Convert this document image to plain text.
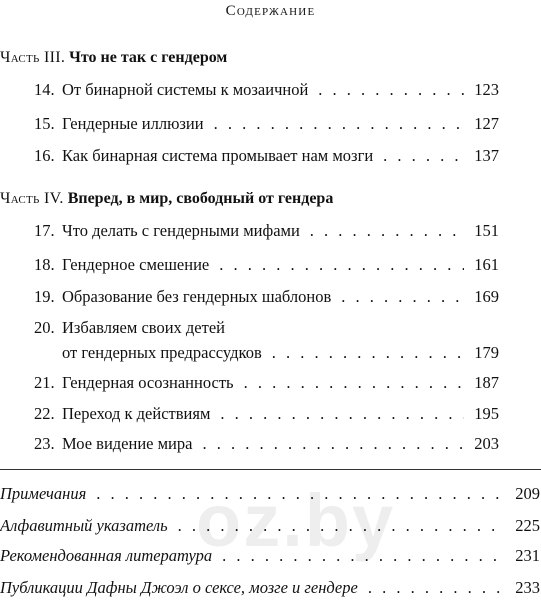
Содержание
Часть III. Что не так с гендером
14. От бинарной системы к мозаичной . . .	123
15. Гендерные иллюзии . . .	127
16. Как бинарная система промывает нам мозги . . .	137
Часть IV. Вперед, в мир, свободный от гендера
17. Что делать с гендерными мифами . . .	151
18. Гендерное смешение . . .	161
19. Образование без гендерных шаблонов . . .	169
20. Избавляем своих детей
от гендерных предрассудков . . .	179
21. Гендерная осознанность . . .	187
22. Переход к действиям . . .	195
23. Мое видение мира . . .	203
oz.by
Примечания . . .	209
Алфавитный указатель . . .	225
Рекомендованная литература . . .	231
Публикации Дафны Джоэл о сексе, мозге и гендере . . .	233
